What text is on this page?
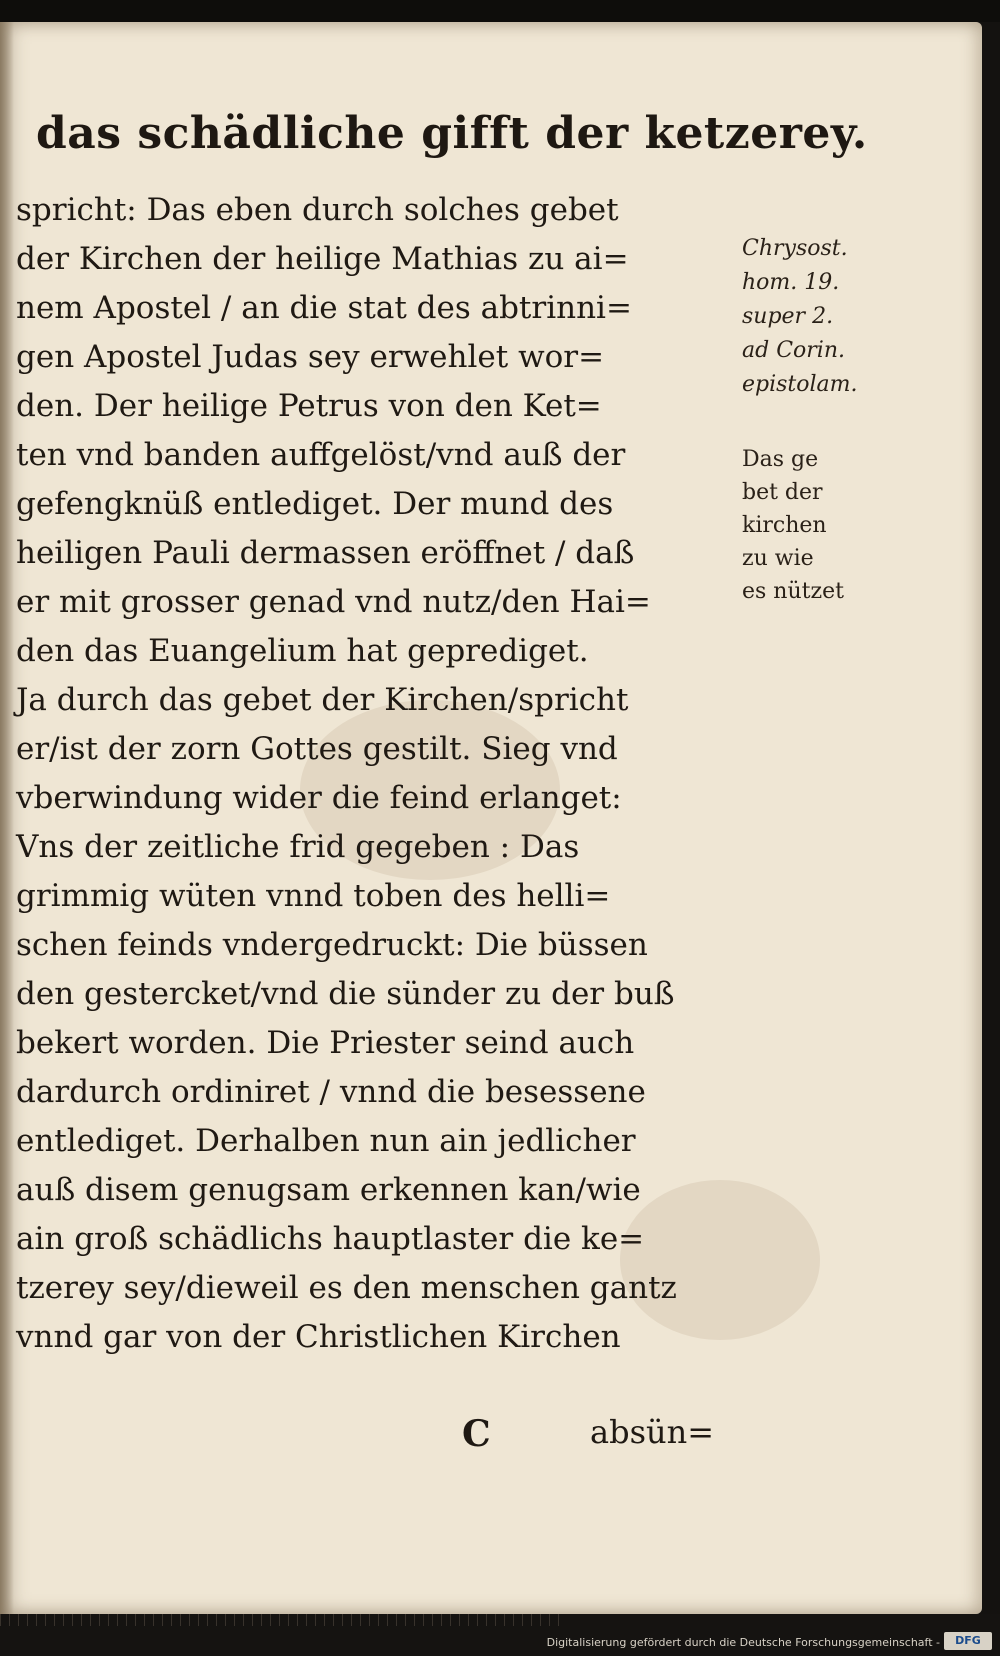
das schädliche gifft der ketzerey.
spricht: Das eben durch solches gebet
der Kirchen der heilige Mathias zu ai=
nem Apostel / an die stat des abtrinni=
gen Apostel Judas sey erwehlet wor=
den. Der heilige Petrus von den Ket=
ten vnd banden auffgelöst/vnd auß der
gefengknüß entlediget. Der mund des
heiligen Pauli dermassen eröffnet / daß
er mit grosser genad vnd nutz/den Hai=
den das Euangelium hat geprediget.
Ja durch das gebet der Kirchen/spricht
er/ist der zorn Gottes gestilt. Sieg vnd
vberwindung wider die feind erlanget:
Vns der zeitliche frid gegeben : Das
grimmig wüten vnnd toben des helli=
schen feinds vndergedruckt: Die büssen
den gestercket/vnd die sünder zu der buß
bekert worden. Die Priester seind auch
dardurch ordiniret / vnnd die besessene
entlediget. Derhalben nun ain jedlicher
auß disem genugsam erkennen kan/wie
ain groß schädlichs hauptlaster die ke=
tzerey sey/dieweil es den menschen gantz
vnnd gar von der Christlichen Kirchen
Chrysost.
hom. 19.
super 2.
ad Corin.
epistolam.
Das ge
bet der
kirchen
zu wie
es nützet
C	absün=
Digitalisierung gefördert durch die Deutsche Forschungsgemeinschaft -	DFG
